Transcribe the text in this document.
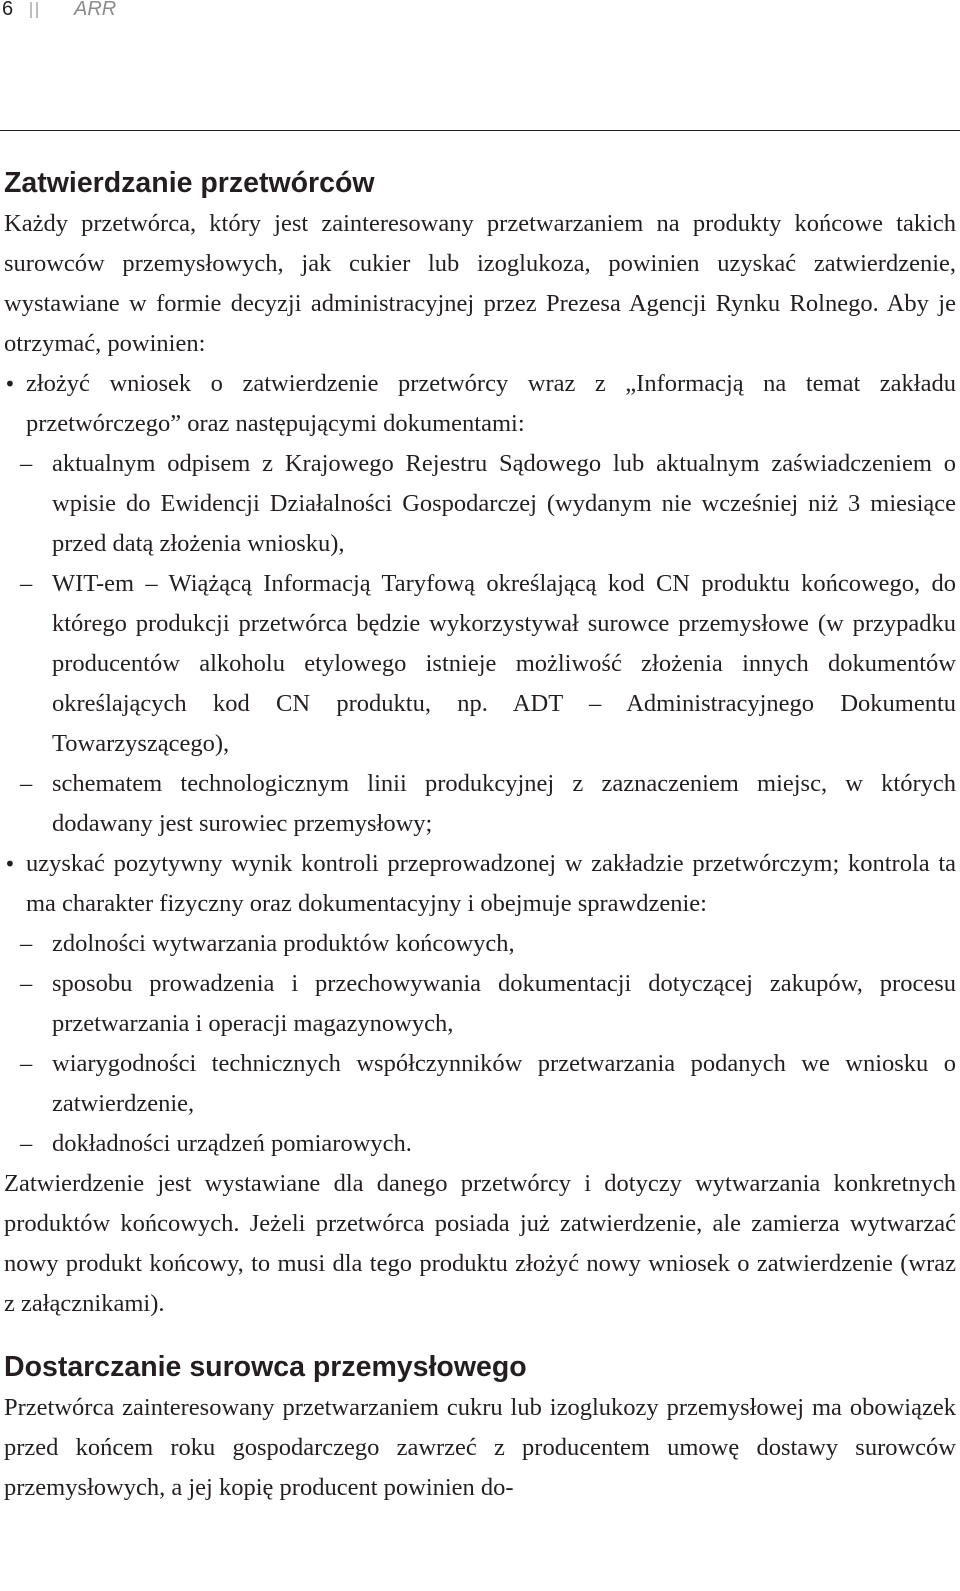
6	ARR
Zatwierdzanie przetwórców

Każdy przetwórca, który jest zainteresowany przetwarzaniem na produkty końcowe takich surowców przemysłowych, jak cukier lub izoglukoza, powinien uzyskać zatwierdzenie, wystawiane w formie decyzji administracyjnej przez Prezesa Agencji Rynku Rolnego. Aby je otrzymać, powinien:

• złożyć wniosek o zatwierdzenie przetwórcy wraz z „Informacją na temat zakładu przetwórczego” oraz następującymi dokumentami:
– aktualnym odpisem z Krajowego Rejestru Sądowego lub aktualnym zaświadczeniem o wpisie do Ewidencji Działalności Gospodarczej (wydanym nie wcześniej niż 3 miesiące przed datą złożenia wniosku),
– WIT-em – Wiążącą Informacją Taryfową określającą kod CN produktu końcowego, do którego produkcji przetwórca będzie wykorzystywał surowce przemysłowe (w przypadku producentów alkoholu etylowego istnieje możliwość złożenia innych dokumentów określających kod CN produktu, np. ADT – Administracyjnego Dokumentu Towarzyszącego),
– schematem technologicznym linii produkcyjnej z zaznaczeniem miejsc, w których dodawany jest surowiec przemysłowy;
• uzyskać pozytywny wynik kontroli przeprowadzonej w zakładzie przetwórczym; kontrola ta ma charakter fizyczny oraz dokumentacyjny i obejmuje sprawdzenie:
– zdolności wytwarzania produktów końcowych,
– sposobu prowadzenia i przechowywania dokumentacji dotyczącej zakupów, procesu przetwarzania i operacji magazynowych,
– wiarygodności technicznych współczynników przetwarzania podanych we wniosku o zatwierdzenie,
– dokładności urządzeń pomiarowych.

Zatwierdzenie jest wystawiane dla danego przetwórcy i dotyczy wytwarzania konkretnych produktów końcowych. Jeżeli przetwórca posiada już zatwierdzenie, ale zamierza wytwarzać nowy produkt końcowy, to musi dla tego produktu złożyć nowy wniosek o zatwierdzenie (wraz z załącznikami).

Dostarczanie surowca przemysłowego

Przetwórca zainteresowany przetwarzaniem cukru lub izoglukozy przemysłowej ma obowiązek przed końcem roku gospodarczego zawrzeć z producentem umowę dostawy surowców przemysłowych, a jej kopię producent powinien do-
